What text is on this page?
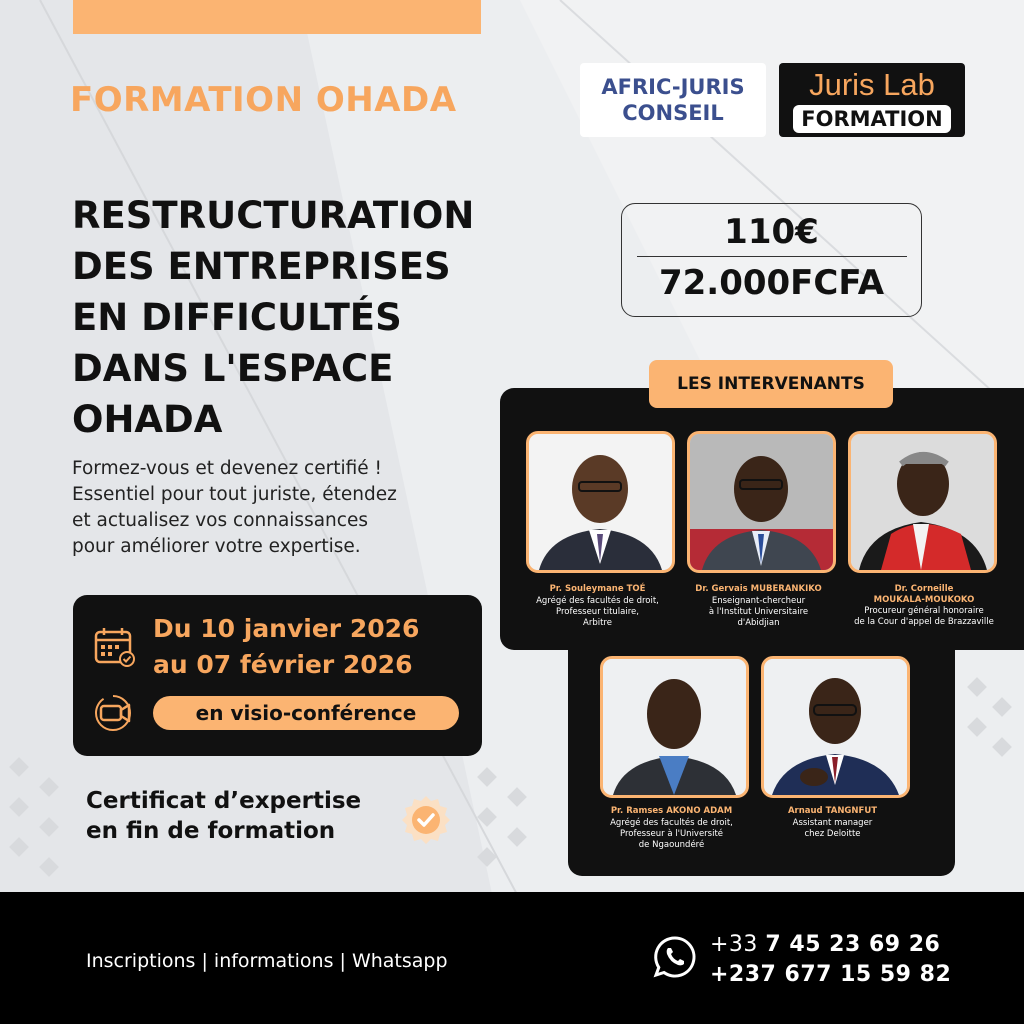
FORMATION OHADA	AFRIC-JURIS
CONSEIL
Juris Lab
FORMATION
RESTRUCTURATION
DES ENTREPRISES
EN DIFFICULTÉS
DANS L'ESPACE
OHADA
110€
72.000FCFA
Formez-vous et devenez certifié !
Essentiel pour tout juriste, étendez
et actualisez vos connaissances
pour améliorer votre expertise.
Du 10 janvier 2026
au 07 février 2026
en visio-conférence
Certificat d’expertise
en fin de formation
LES INTERVENANTS
Pr. Souleymane TOÉ
Agrégé des facultés de droit,
Professeur titulaire,
Arbitre
Dr. Gervais MUBERANKIKO
Enseignant-chercheur
à l'Institut Universitaire
d'Abidjian
Dr. Corneille
MOUKALA-MOUKOKO
Procureur général honoraire
de la Cour d'appel de Brazzaville
Pr. Ramses AKONO ADAM
Agrégé des facultés de droit,
Professeur à l'Université
de Ngaoundéré
Arnaud TANGNFUT
Assistant manager
chez Deloitte
Inscriptions | informations | Whatsapp
+33 7 45 23 69 26
+237 677 15 59 82
